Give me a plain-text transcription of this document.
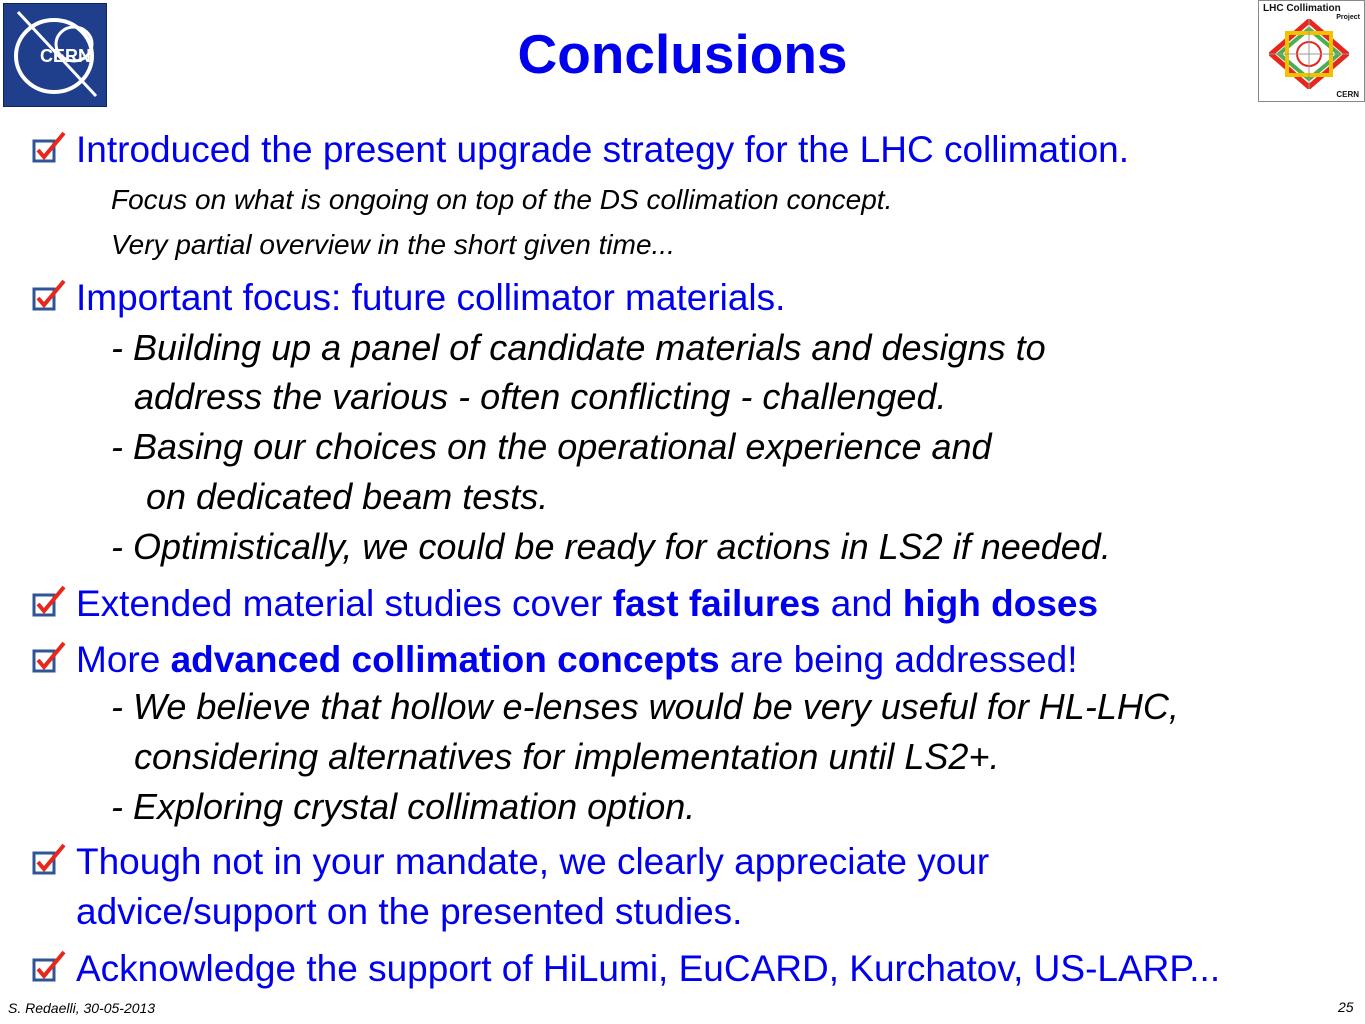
CERN
LHC Collimation
Project
CERN
Conclusions
Introduced the present upgrade strategy for the LHC collimation.
Focus on what is ongoing on top of the DS collimation concept.
Very partial overview in the short given time...
Important focus: future collimator materials.
- Building up a panel of candidate materials and designs to
address the various - often conflicting - challenged.
- Basing our choices on the operational experience and
on dedicated beam tests.
- Optimistically, we could be ready for actions in LS2 if needed.
Extended material studies cover fast failures and high doses
More advanced collimation concepts are being addressed!
- We believe that hollow e-lenses would be very useful for HL-LHC,
considering alternatives for implementation until LS2+.
- Exploring crystal collimation option.
Though not in your mandate, we clearly appreciate your
advice/support on the presented studies.
Acknowledge the support of HiLumi, EuCARD, Kurchatov, US-LARP...
S. Redaelli, 30-05-2013	25
